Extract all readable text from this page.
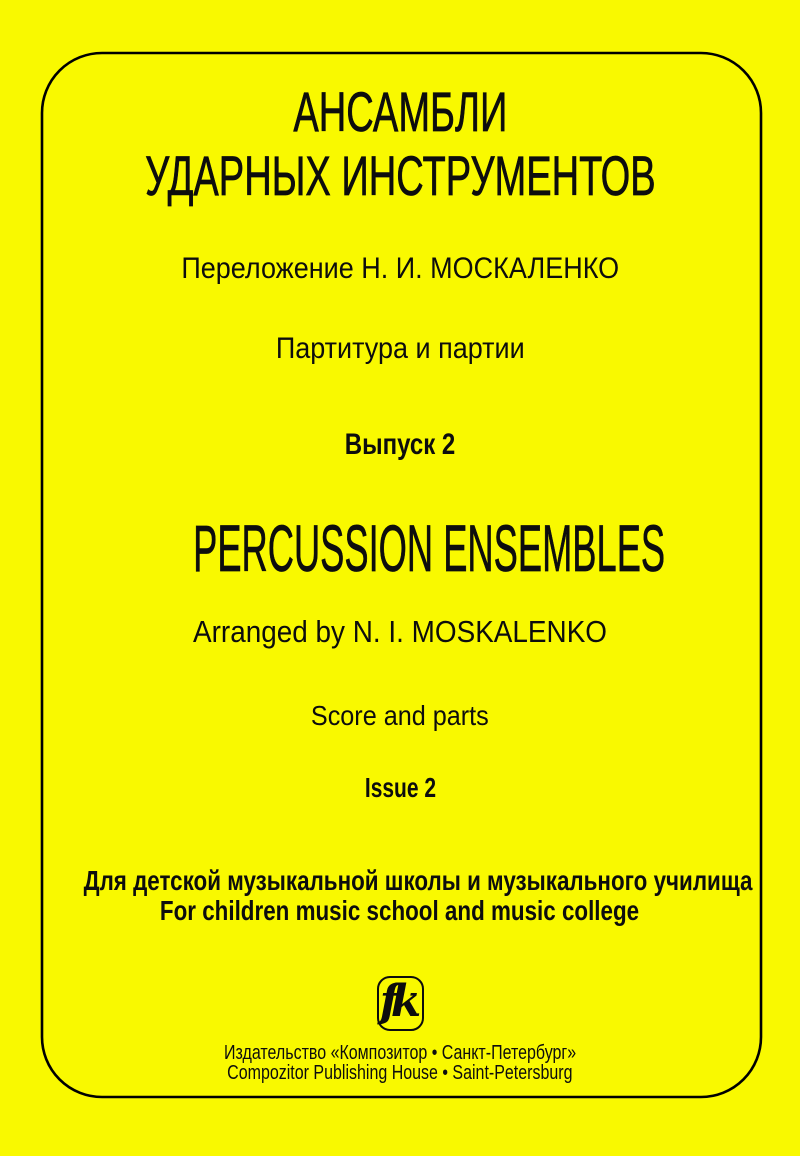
АНСАМБЛИ
УДАРНЫХ ИНСТРУМЕНТОВ
Переложение Н. И. МОСКАЛЕНКО
Партитура и партии
Выпуск 2
PERCUSSION ENSEMBLES
Arranged by N. I. MOSKALENKO
Score and parts
Issue 2
Для детской музыкальной школы и музыкального училища
For children music school and music college
fk
Издательство «Композитор • Санкт-Петербург»
Compozitor Publishing House • Saint-Petersburg
